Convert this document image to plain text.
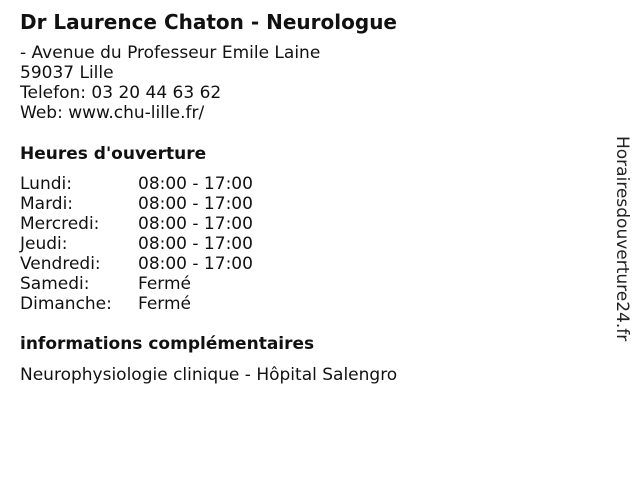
Dr Laurence Chaton - Neurologue
- Avenue du Professeur Emile Laine
59037 Lille
Telefon: 03 20 44 63 62
Web: www.chu-lille.fr/
Heures d'ouverture
Lundi:	08:00 - 17:00
Mardi:	08:00 - 17:00
Mercredi:	08:00 - 17:00
Jeudi:	08:00 - 17:00
Vendredi:	08:00 - 17:00
Samedi:	Fermé
Dimanche:	Fermé
informations complémentaires
Neurophysiologie clinique - Hôpital Salengro
Horairesdouverture24.fr
